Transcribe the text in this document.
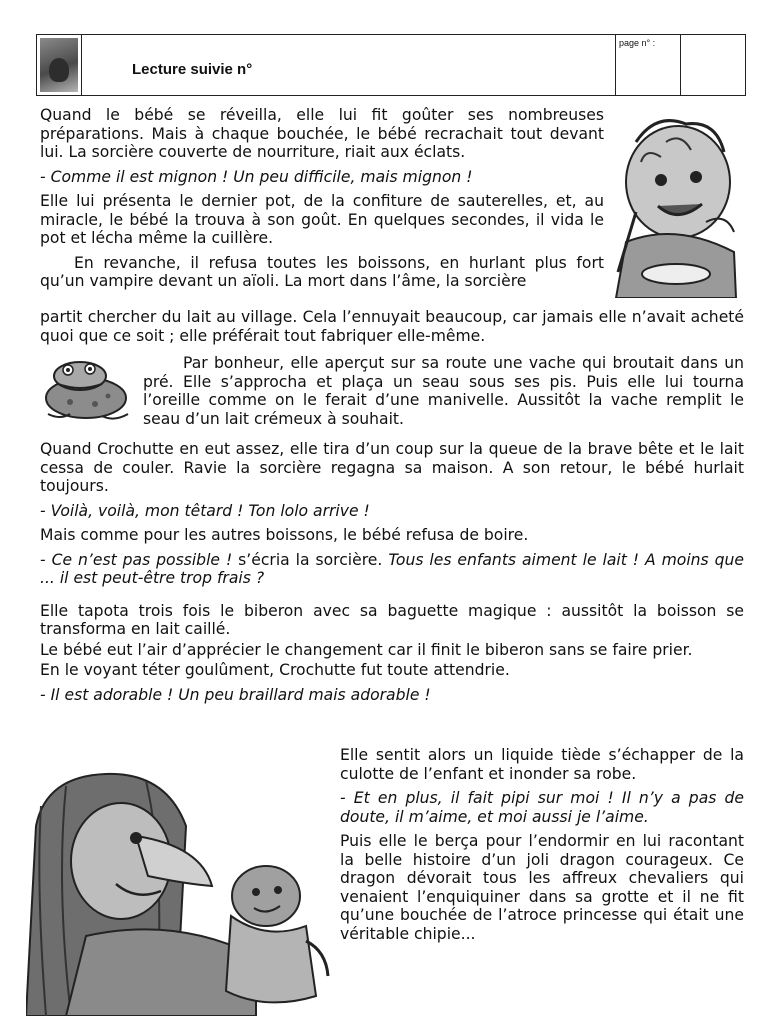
Lecture suivie n°
page n° :

Quand le bébé se réveilla, elle lui fit goûter ses nombreuses préparations. Mais à chaque bouchée, le bébé recrachait tout devant lui. La sorcière couverte de nourriture, riait aux éclats.

- Comme il est mignon ! Un peu difficile, mais mignon !

Elle lui présenta le dernier pot, de la confiture de sauterelles, et, au miracle, le bébé la trouva à son goût. En quelques secondes, il vida le pot et lécha même la cuillère.

En revanche, il refusa toutes les boissons, en hurlant plus fort qu’un vampire devant un aïoli. La mort dans l’âme, la sorcière

partit chercher du lait au village. Cela l’ennuyait beaucoup, car jamais elle n’avait acheté quoi que ce soit ; elle préférait tout fabriquer elle-même.

Par bonheur, elle aperçut sur sa route une vache qui broutait dans un pré. Elle s’approcha et plaça un seau sous ses pis. Puis elle lui tourna l’oreille comme on le ferait d’une manivelle. Aussitôt la vache remplit le seau d’un lait crémeux à souhait.

Quand Crochutte en eut assez, elle tira d’un coup sur la queue de la brave bête et le lait cessa de couler. Ravie la sorcière regagna sa maison. A son retour, le bébé hurlait toujours.

- Voilà, voilà, mon têtard ! Ton lolo arrive !

Mais comme pour les autres boissons, le bébé refusa de boire.

- Ce n’est pas possible ! s’écria la sorcière. Tous les enfants aiment le lait ! A moins que ... il est peut-être trop frais ?

Elle tapota trois fois le biberon avec sa baguette magique : aussitôt la boisson se transforma en lait caillé.

Le bébé eut l’air d’apprécier le changement car il finit le biberon sans se faire prier.

En le voyant téter goulûment, Crochutte fut toute attendrie.

- Il est adorable ! Un peu braillard mais adorable !

Elle sentit alors un liquide tiède s’échapper de la culotte de l’enfant et inonder sa robe.

- Et en plus, il fait pipi sur moi ! Il n’y a pas de doute, il m’aime, et moi aussi je l’aime.

Puis elle le berça pour l’endormir en lui racontant la belle histoire d’un joli dragon courageux. Ce dragon dévorait tous les affreux chevaliers qui venaient l’enquiquiner dans sa grotte et il ne fit qu’une bouchée de l’atroce princesse qui était une véritable chipie...
